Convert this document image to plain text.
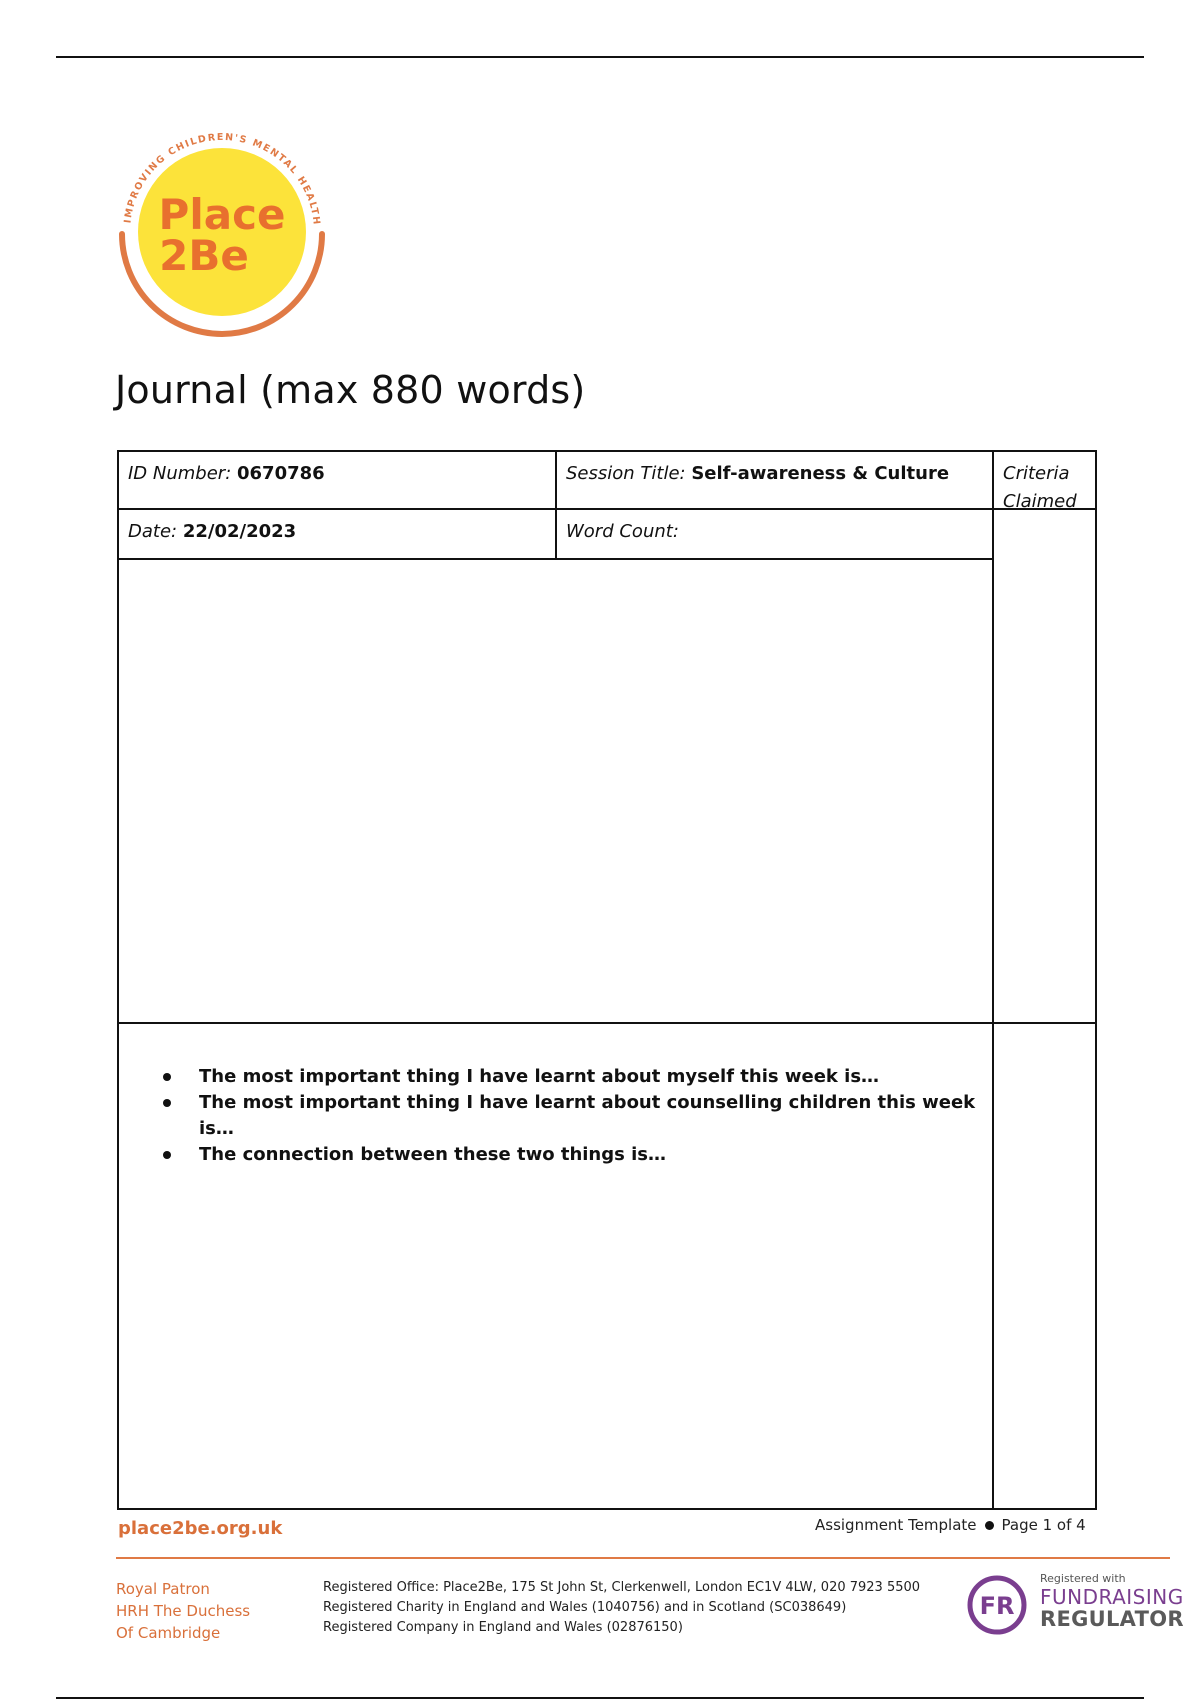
IMPROVING CHILDREN'S MENTAL HEALTH
Place
2Be
Journal (max 880 words)
ID Number: 0670786	Session Title: Self-awareness & Culture	Criteria
Claimed
Date: 22/02/2023	Word Count:
The most important thing I have learnt about myself this week is…
The most important thing I have learnt about counselling children this week is…
The connection between these two things is…
place2be.org.uk	Assignment Template Page 1 of 4
Royal Patron
HRH The Duchess
Of Cambridge
Registered Office: Place2Be, 175 St John St, Clerkenwell, London EC1V 4LW, 020 7923 5500
Registered Charity in England and Wales (1040756) and in Scotland (SC038649)
Registered Company in England and Wales (02876150)
FR
Registered with
FUNDRAISING
REGULATOR
